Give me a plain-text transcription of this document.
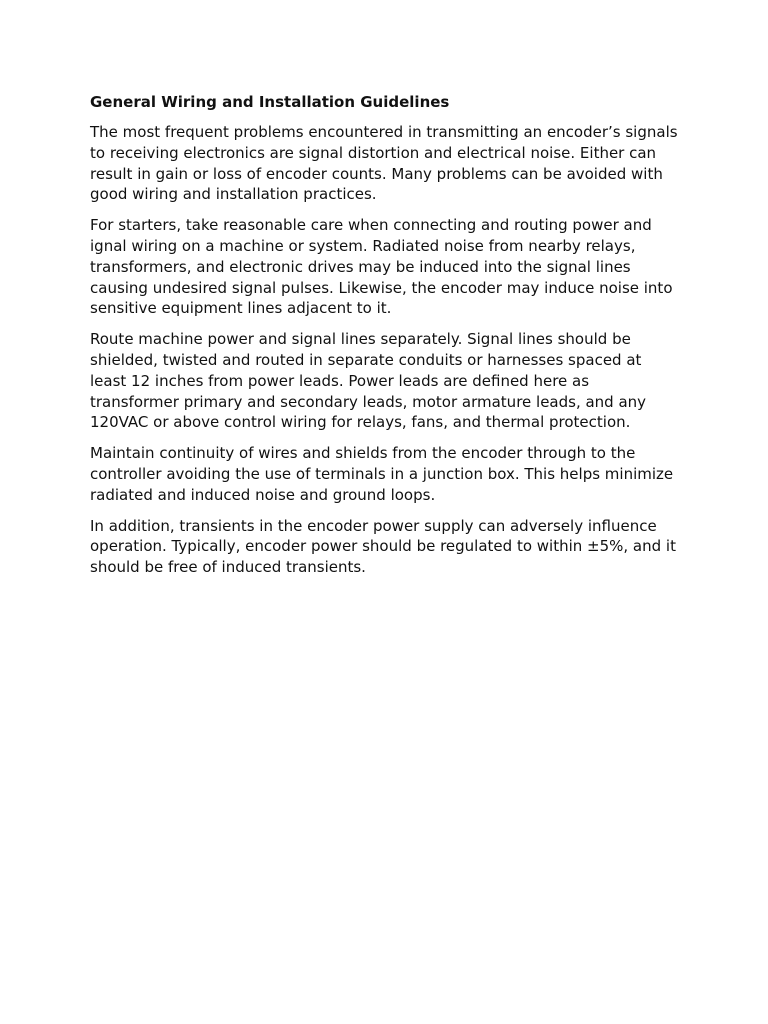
General Wiring and Installation Guidelines

The most frequent problems encountered in transmitting an encoder’s signals to receiving electronics are signal distortion and electrical noise. Either can result in gain or loss of encoder counts. Many problems can be avoided with good wiring and installation practices.

For starters, take reasonable care when connecting and routing power and ignal wiring on a machine or system. Radiated noise from nearby relays, transformers, and electronic drives may be induced into the signal lines causing undesired signal pulses. Likewise, the encoder may induce noise into sensitive equipment lines adjacent to it.

Route machine power and signal lines separately. Signal lines should be shielded, twisted and routed in separate conduits or harnesses spaced at least 12 inches from power leads. Power leads are defined here as transformer primary and secondary leads, motor armature leads, and any 120VAC or above control wiring for relays, fans, and thermal protection.

Maintain continuity of wires and shields from the encoder through to the controller avoiding the use of terminals in a junction box. This helps minimize radiated and induced noise and ground loops.

In addition, transients in the encoder power supply can adversely influence operation. Typically, encoder power should be regulated to within ±5%, and it should be free of induced transients.
